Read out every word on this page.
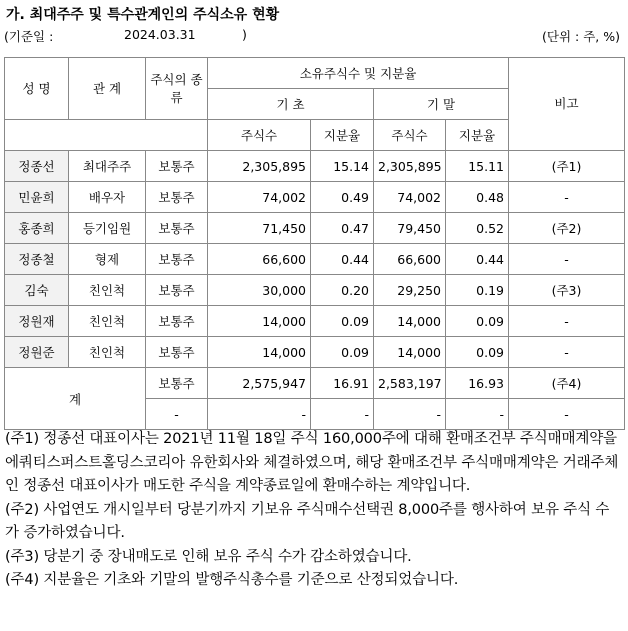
가. 최대주주 및 특수관계인의 주식소유 현황
(기준일 :	2024.03.31	)	(단위 : 주, %)
성 명	관 계	주식의 종류	소유주식수 및 지분율				비고
			기 초		기 말		
			주식수	지분율	주식수	지분율	
정종선	최대주주	보통주	2,305,895	15.14	2,305,895	15.11	(주1)
민윤희	배우자	보통주	74,002	0.49	74,002	0.48	-
홍종희	등기임원	보통주	71,450	0.47	79,450	0.52	(주2)
정종철	형제	보통주	66,600	0.44	66,600	0.44	-
김숙	친인척	보통주	30,000	0.20	29,250	0.19	(주3)
정원재	친인척	보통주	14,000	0.09	14,000	0.09	-
정원준	친인척	보통주	14,000	0.09	14,000	0.09	-
계		보통주	2,575,947	16.91	2,583,197	16.93	(주4)
		-	-	-	-	-	-

(주1) 정종선 대표이사는 2021년 11월 18일 주식 160,000주에 대해 환매조건부 주식매매계약을 에쿼티스퍼스트홀딩스코리아 유한회사와 체결하였으며, 해당 환매조건부 주식매매계약은 거래주체인 정종선 대표이사가 매도한 주식을 계약종료일에 환매수하는 계약입니다.

(주2) 사업연도 개시일부터 당분기까지 기보유 주식매수선택권 8,000주를 행사하여 보유 주식 수가 증가하였습니다.

(주3) 당분기 중 장내매도로 인해 보유 주식 수가 감소하였습니다.

(주4) 지분율은 기초와 기말의 발행주식총수를 기준으로 산정되었습니다.
